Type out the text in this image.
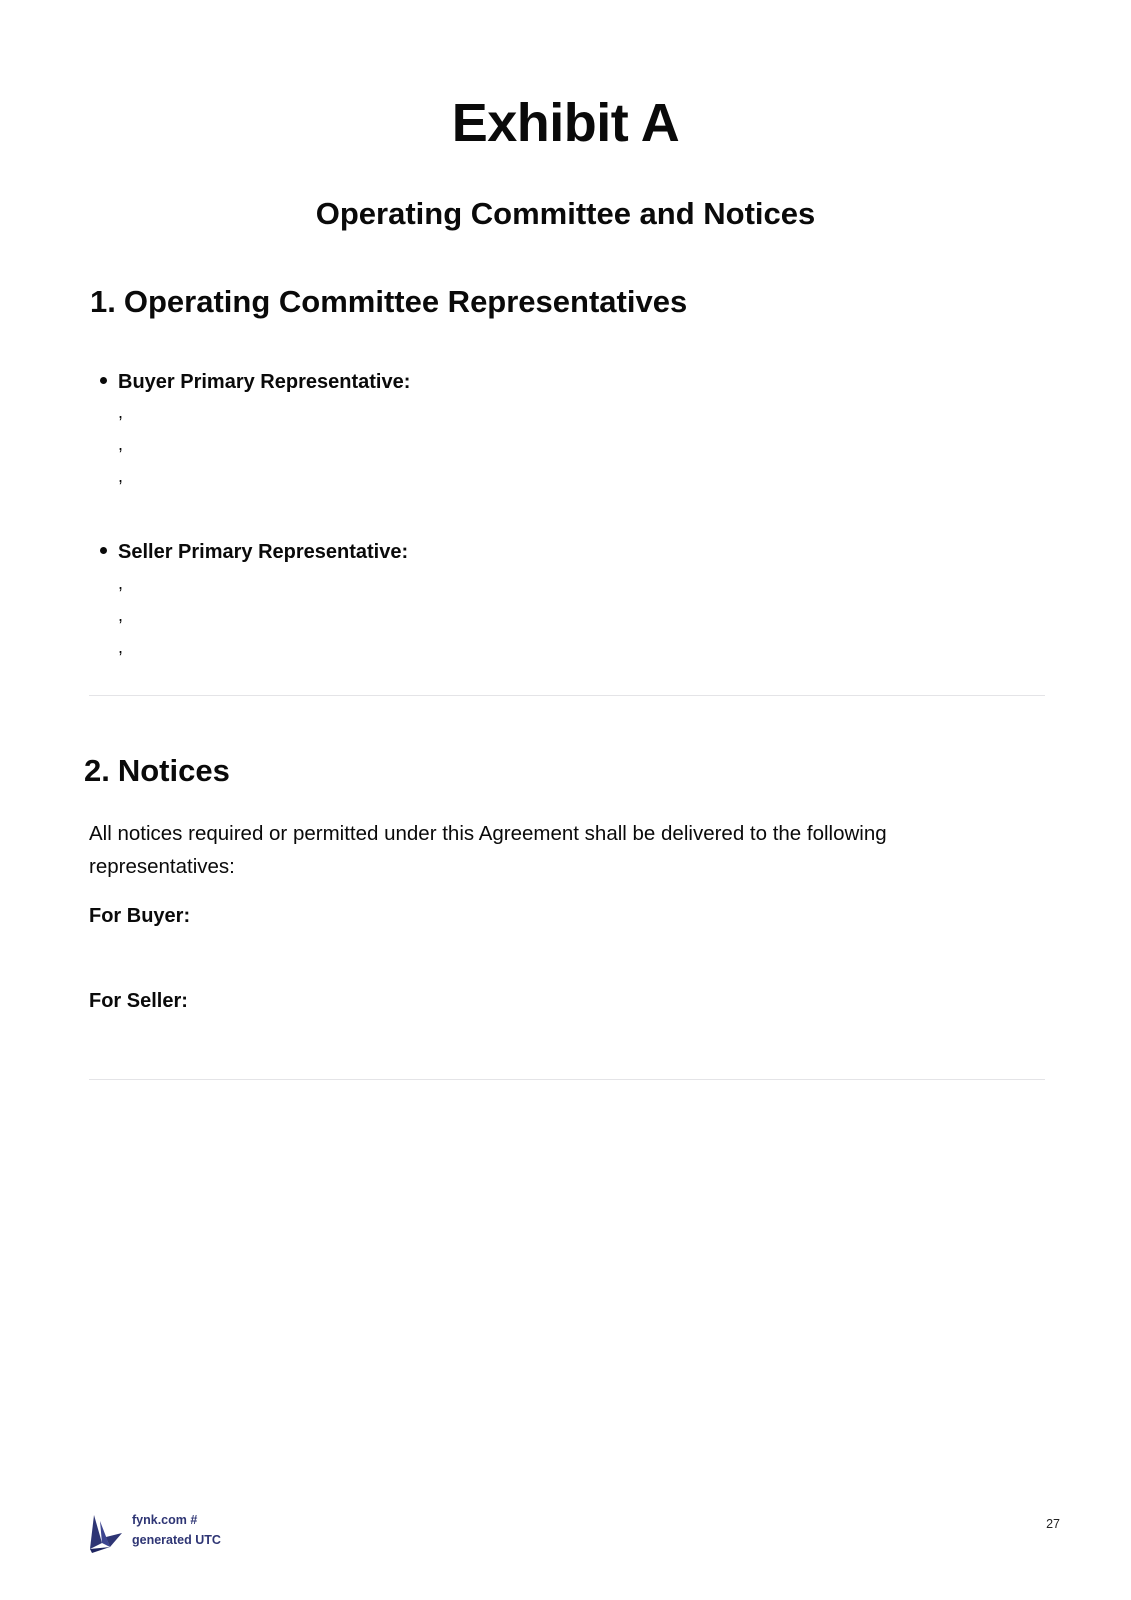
Exhibit A
Operating Committee and Notices
1. Operating Committee Representatives
Buyer Primary Representative:
,
,
,
Seller Primary Representative:
,
,
,
2. Notices

All notices required or permitted under this Agreement shall be delivered to the following representatives:

For Buyer:

For Seller:

fynk.com #
generated UTC
27
